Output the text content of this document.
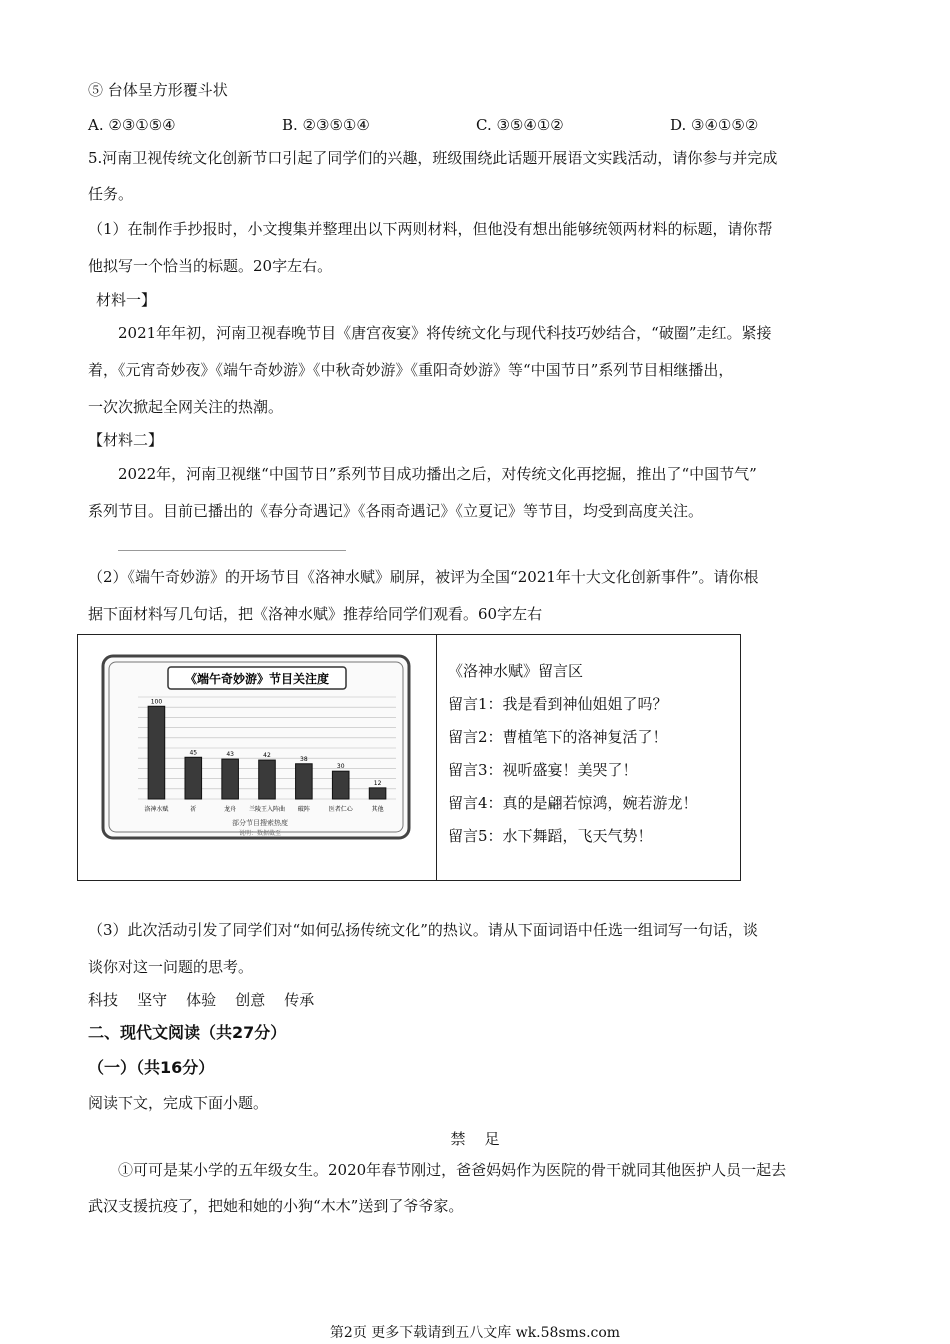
⑤ 台体呈方形覆斗状
A. ②③①⑤④	B. ②③⑤①④	C. ③⑤④①②	D. ③④①⑤②
5.河南卫视传统文化创新节口引起了同学们的兴趣，班级围绕此话题开展语文实践活动，请你参与并完成
任务。
（1）在制作手抄报时，小文搜集并整理出以下两则材料，但他没有想出能够统领两材料的标题，请你帮
他拟写一个恰当的标题。20字左右。
材料一】
2021年年初，河南卫视春晚节目《唐宫夜宴》将传统文化与现代科技巧妙结合，“破圈”走红。紧接
着，《元宵奇妙夜》《端午奇妙游》《中秋奇妙游》《重阳奇妙游》等“中国节日”系列节目相继播出，
一次次掀起全网关注的热潮。
【材料二】
2022年，河南卫视继“中国节日”系列节目成功播出之后，对传统文化再挖掘，推出了“中国节气”
系列节目。目前已播出的《春分奇遇记》《各雨奇遇记》《立夏记》等节目，均受到高度关注。
（2）《端午奇妙游》的开场节目《洛神水赋》刷屏，被评为全国“2021年十大文化创新事件”。请你根
据下面材料写几句话，把《洛神水赋》推荐给同学们观看。60字左右
《端午奇妙游》节目关注度
100
45	43	42
38
30
12
洛神水赋	祈	龙舟 兰陵王入阵曲 破阵	医者仁心	其他
部分节目搜索热度
说明：数据截至
《洛神水赋》留言区
留言1：我是看到神仙姐姐了吗？
留言2：曹植笔下的洛神复活了！
留言3：视听盛宴！美哭了！
留言4：真的是翩若惊鸿，婉若游龙！
留言5：水下舞蹈，飞天气势！
（3）此次活动引发了同学们对“如何弘扬传统文化”的热议。请从下面词语中任选一组词写一句话，谈
谈你对这一问题的思考。
科技    坚守    体验    创意    传承
二、现代文阅读（共27分）
（一）（共16分）
阅读下文，完成下面小题。
禁    足
①可可是某小学的五年级女生。2020年春节刚过，爸爸妈妈作为医院的骨干就同其他医护人员一起去
武汉支援抗疫了，把她和她的小狗“木木”送到了爷爷家。
第2页 更多下载请到五八文库 wk.58sms.com
